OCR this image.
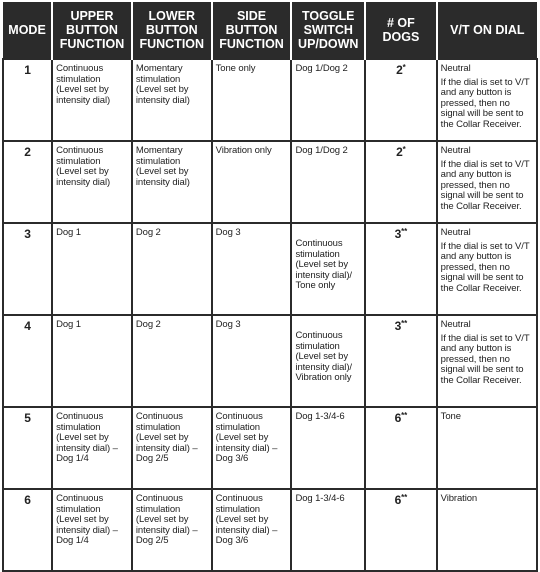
MODE	UPPER BUTTON FUNCTION	LOWER BUTTON FUNCTION	SIDE BUTTON FUNCTION	TOGGLE SWITCH UP/DOWN	# OF DOGS	V/T ON DIAL
1	Continuous stimulation (Level set by intensity dial)	Momentary stimulation (Level set by intensity dial)	Tone only	Dog 1/Dog 2	2*	Neutral
If the dial is set to V/T and any button is pressed, then no signal will be sent to the Collar Receiver.

2	Continuous stimulation (Level set by intensity dial)	Momentary stimulation (Level set by intensity dial)	Vibration only	Dog 1/Dog 2	2*	Neutral
If the dial is set to V/T and any button is pressed, then no signal will be sent to the Collar Receiver.

3	Dog 1	Dog 2	Dog 3	Continuous stimulation (Level set by intensity dial)/ Tone only	3**	Neutral
If the dial is set to V/T and any button is pressed, then no signal will be sent to the Collar Receiver.

4	Dog 1	Dog 2	Dog 3	Continuous stimulation (Level set by intensity dial)/ Vibration only	3**	Neutral
If the dial is set to V/T and any button is pressed, then no signal will be sent to the Collar Receiver.

5	Continuous stimulation (Level set by intensity dial) – Dog 1/4	Continuous stimulation (Level set by intensity dial) – Dog 2/5	Continuous stimulation (Level set by intensity dial) – Dog 3/6	Dog 1-3/4-6	6**	Tone

6	Continuous stimulation (Level set by intensity dial) – Dog 1/4	Continuous stimulation (Level set by intensity dial) – Dog 2/5	Continuous stimulation (Level set by intensity dial) – Dog 3/6	Dog 1-3/4-6	6**	Vibration
